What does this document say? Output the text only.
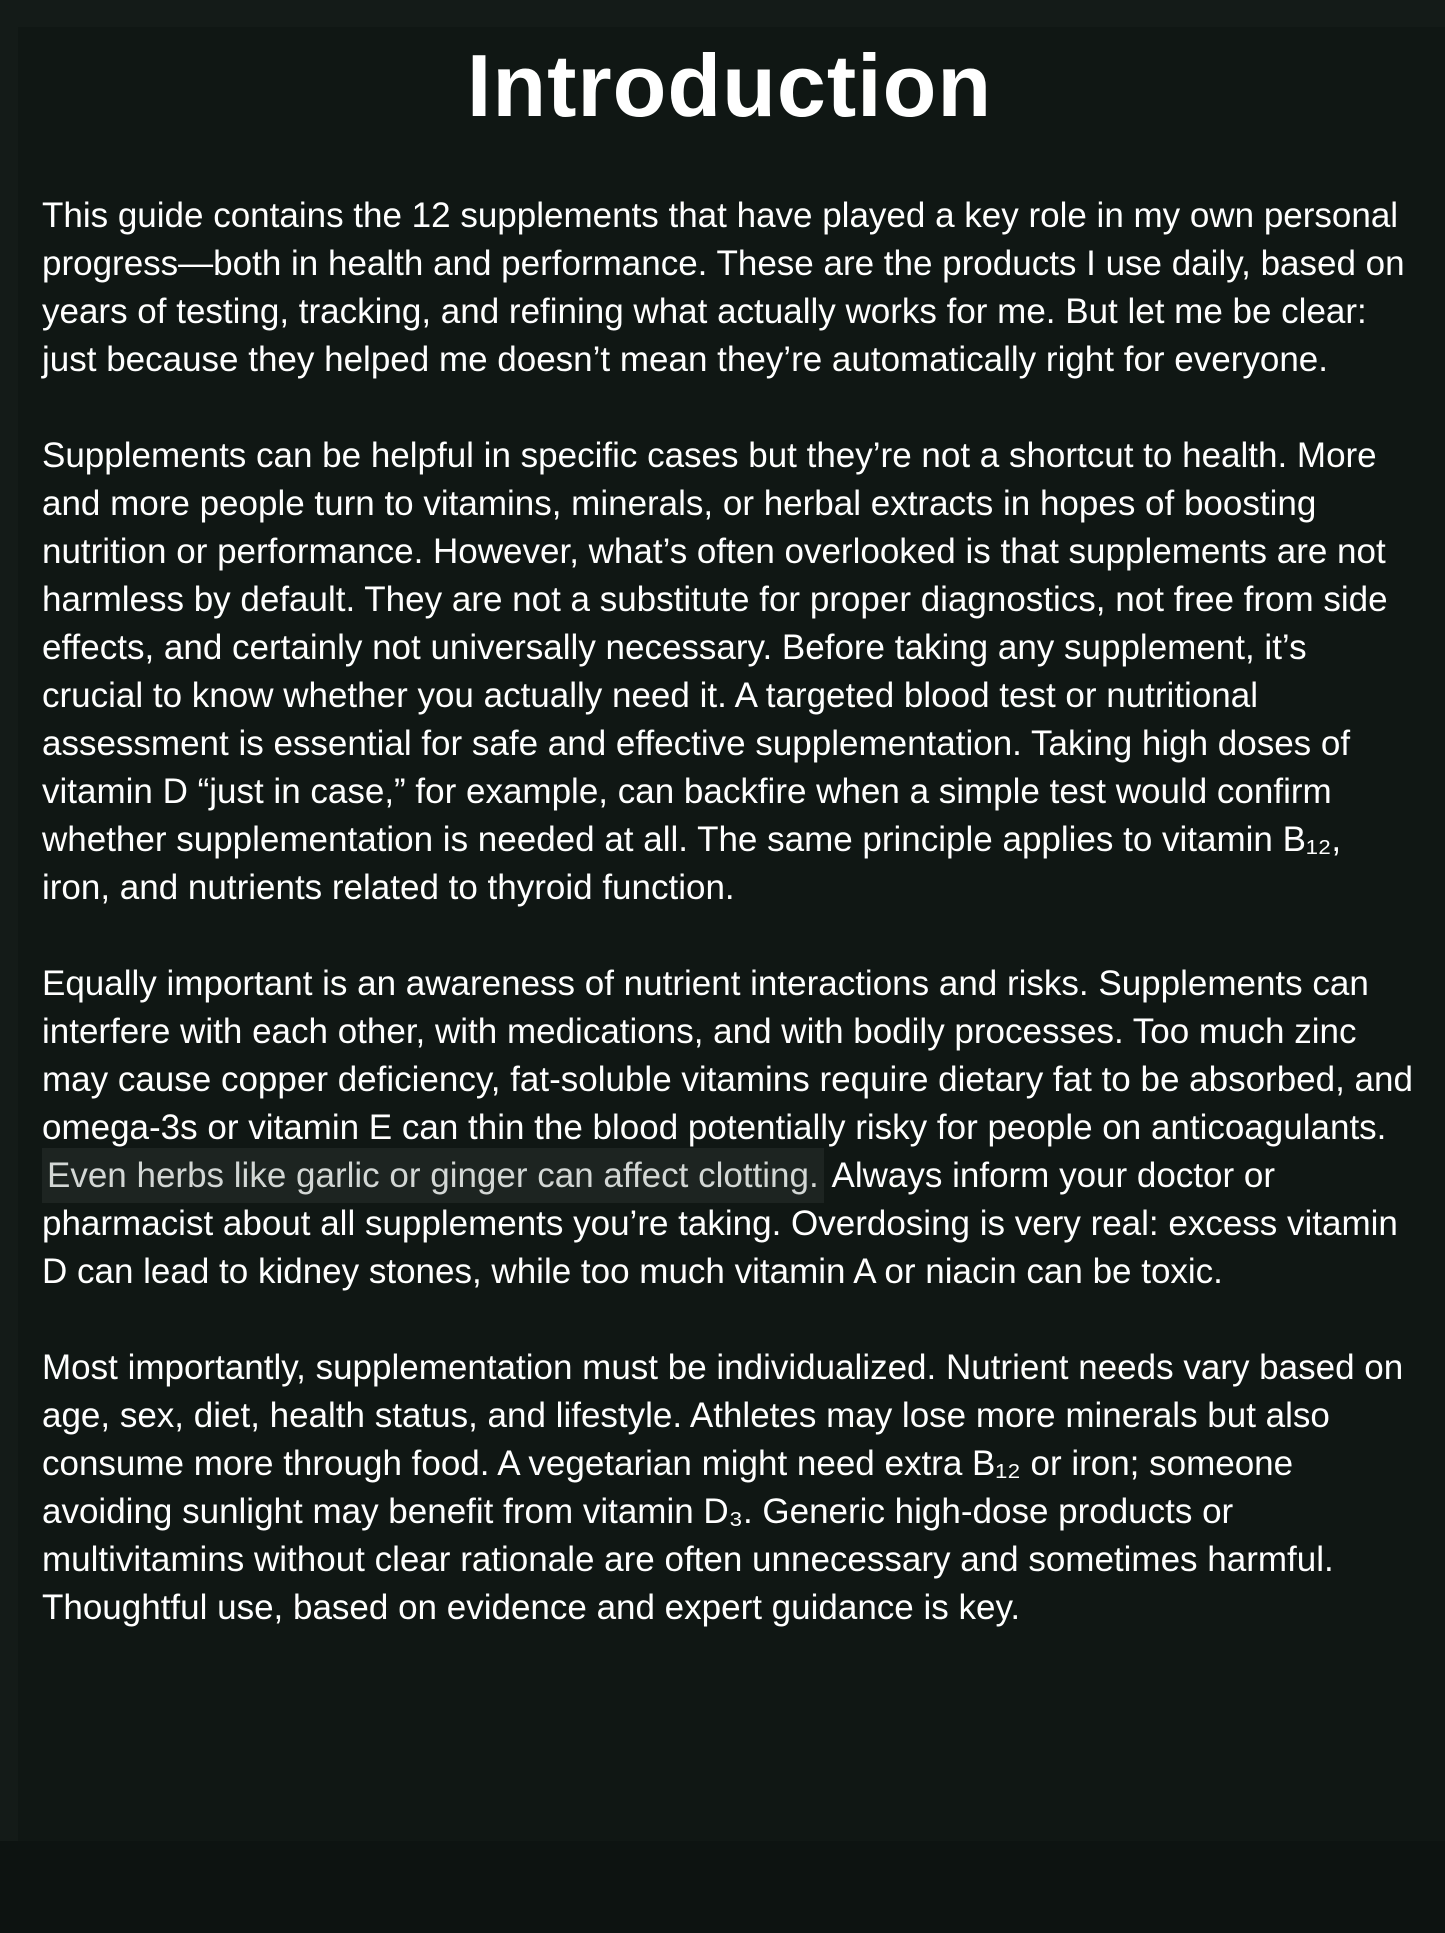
Introduction

This guide contains the 12 supplements that have played a key role in my own personal progress—both in health and performance. These are the products I use daily, based on years of testing, tracking, and refining what actually works for me. But let me be clear: just because they helped me doesn’t mean they’re automatically right for everyone.

Supplements can be helpful in specific cases but they’re not a shortcut to health. More and more people turn to vitamins, minerals, or herbal extracts in hopes of boosting nutrition or performance. However, what’s often overlooked is that supplements are not harmless by default. They are not a substitute for proper diagnostics, not free from side effects, and certainly not universally necessary. Before taking any supplement, it’s crucial to know whether you actually need it. A targeted blood test or nutritional assessment is essential for safe and effective supplementation. Taking high doses of vitamin D “just in case,” for example, can backfire when a simple test would confirm whether supplementation is needed at all. The same principle applies to vitamin B₁₂, iron, and nutrients related to thyroid function.

Equally important is an awareness of nutrient interactions and risks. Supplements can interfere with each other, with medications, and with bodily processes. Too much zinc may cause copper deficiency, fat-soluble vitamins require dietary fat to be absorbed, and omega-3s or vitamin E can thin the blood potentially risky for people on anticoagulants. Even herbs like garlic or ginger can affect clotting. Always inform your doctor or pharmacist about all supplements you’re taking. Overdosing is very real: excess vitamin D can lead to kidney stones, while too much vitamin A or niacin can be toxic.

Most importantly, supplementation must be individualized. Nutrient needs vary based on age, sex, diet, health status, and lifestyle. Athletes may lose more minerals but also consume more through food. A vegetarian might need extra B₁₂ or iron; someone avoiding sunlight may benefit from vitamin D₃. Generic high-dose products or multivitamins without clear rationale are often unnecessary and sometimes harmful. Thoughtful use, based on evidence and expert guidance is key.
